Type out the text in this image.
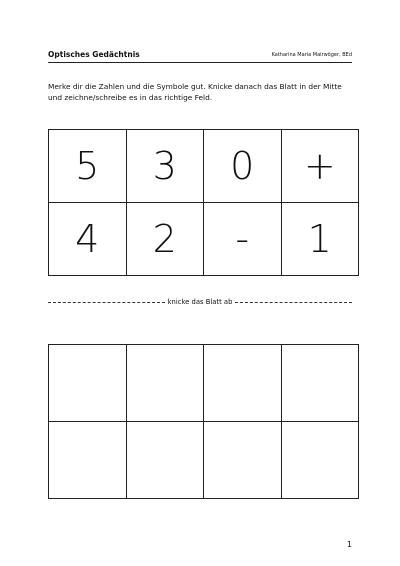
Optisches Gedächtnis	Katharina Maria Mairwöger, BEd
Merke dir die Zahlen und die Symbole gut. Knicke danach das Blatt in der Mitte und zeichne/schreibe es in das richtige Feld.
5	3	0	+
4	2	-	1
knicke das Blatt ab
1
